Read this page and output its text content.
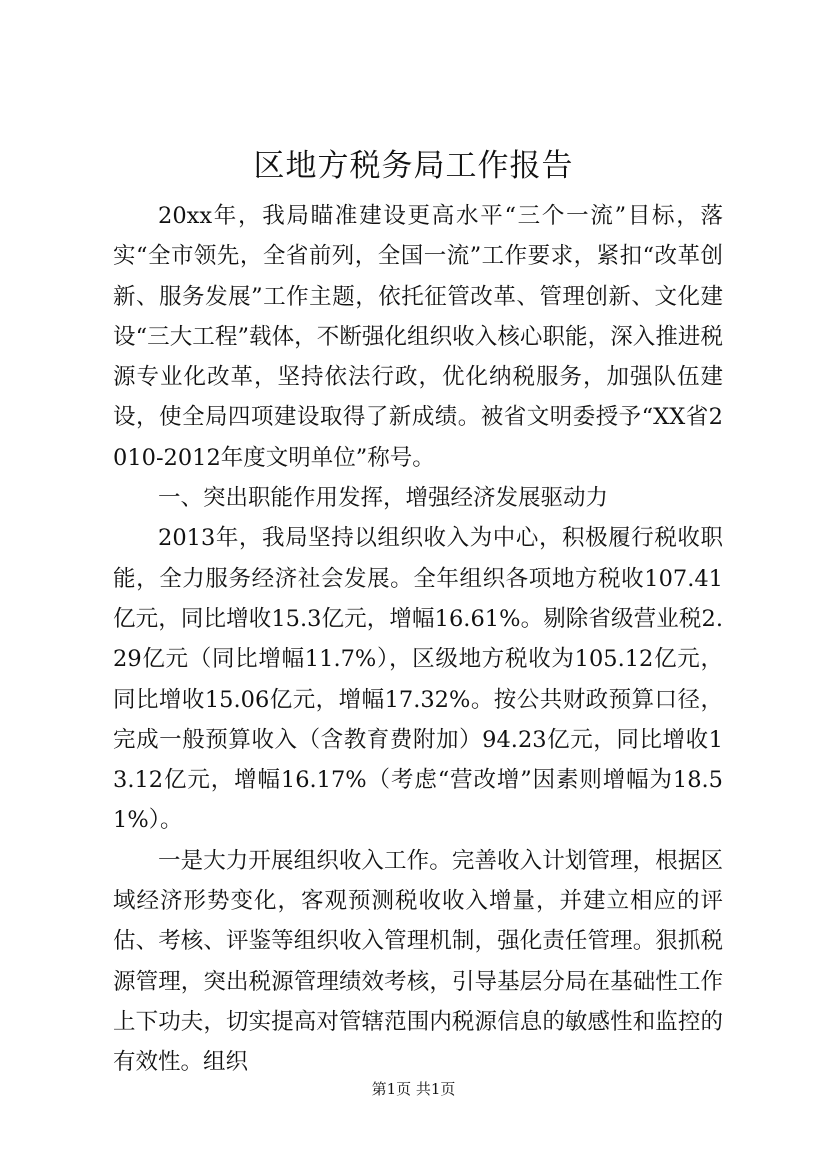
区地方税务局工作报告

20xx年，我局瞄准建设更高水平“三个一流”目标，落实“全市领先，全省前列，全国一流”工作要求，紧扣“改革创新、服务发展”工作主题，依托征管改革、管理创新、文化建设“三大工程”载体，不断强化组织收入核心职能，深入推进税源专业化改革，坚持依法行政，优化纳税服务，加强队伍建设，使全局四项建设取得了新成绩。被省文明委授予“XX省2010-2012年度文明单位”称号。

一、突出职能作用发挥，增强经济发展驱动力

2013年，我局坚持以组织收入为中心，积极履行税收职能，全力服务经济社会发展。全年组织各项地方税收107.41亿元，同比增收15.3亿元，增幅16.61%。剔除省级营业税2.29亿元（同比增幅11.7%），区级地方税收为105.12亿元，同比增收15.06亿元，增幅17.32%。按公共财政预算口径，完成一般预算收入（含教育费附加）94.23亿元，同比增收13.12亿元，增幅16.17%（考虑“营改增”因素则增幅为18.51%）。

一是大力开展组织收入工作。完善收入计划管理，根据区域经济形势变化，客观预测税收收入增量，并建立相应的评估、考核、评鉴等组织收入管理机制，强化责任管理。狠抓税源管理，突出税源管理绩效考核，引导基层分局在基础性工作上下功夫，切实提高对管辖范围内税源信息的敏感性和监控的有效性。组织

第1页 共1页
